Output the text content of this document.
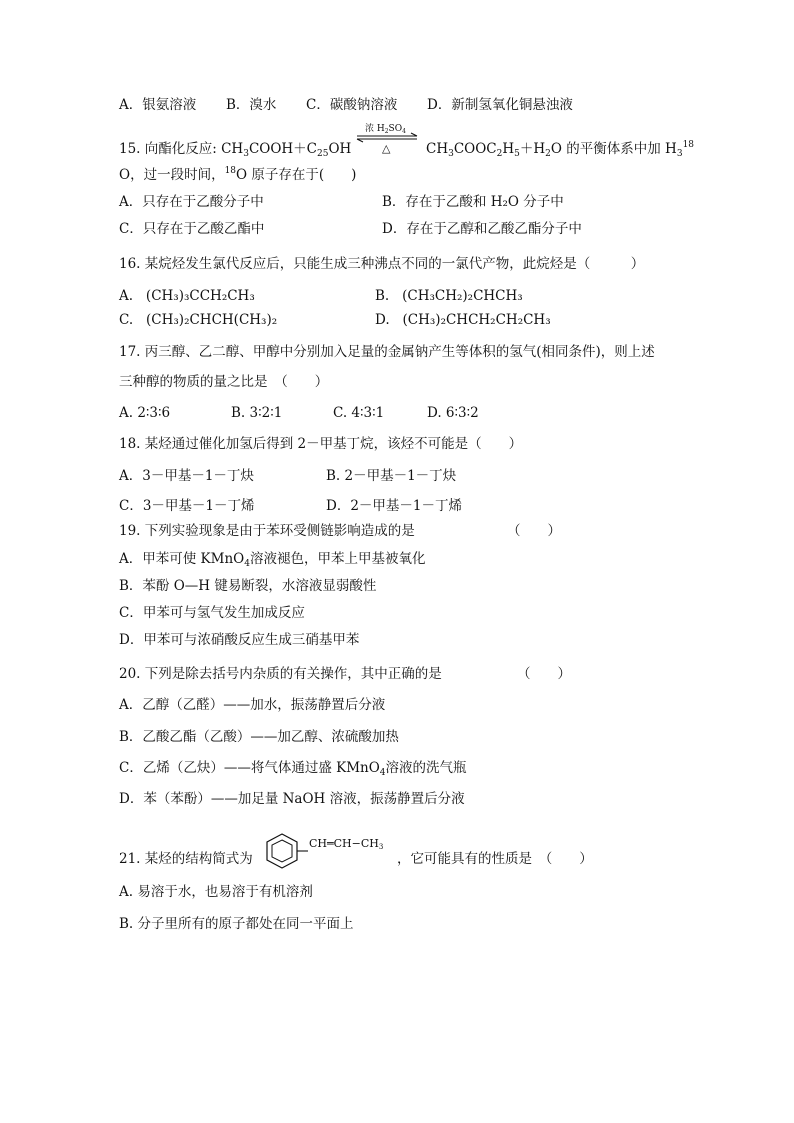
A．银氨溶液 B．溴水 C．碳酸钠溶液 D．新制氢氧化铜悬浊液
15. 向酯化反应: $CH_3COOH+C_{25}OH$
浓 $H_2SO_4$
△	$CH_3COOC_2H_5+H_2O$ 的平衡体系中加 $H_3^{18}$
O，过一段时间，$^{18}$O 原子存在于(　　)
A．只存在于乙酸分子中	B．存在于乙酸和 H₂O 分子中
C．只存在于乙酸乙酯中	D．存在于乙醇和乙酸乙酯分子中
16. 某烷烃发生氯代反应后，只能生成三种沸点不同的一氯代产物，此烷烃是（　　　）
A. (CH₃)₃CCH₂CH₃	B. (CH₃CH₂)₂CHCH₃
C. (CH₃)₂CHCH(CH₃)₂	D. (CH₃)₂CHCH₂CH₂CH₃
17. 丙三醇、乙二醇、甲醇中分别加入足量的金属钠产生等体积的氢气(相同条件)，则上述
三种醇的物质的量之比是　（　　）
A. 2∶3∶6	B. 3∶2∶1	C. 4∶3∶1	D. 6∶3∶2
18. 某烃通过催化加氢后得到 2－甲基丁烷，该烃不可能是（　　）
A．3－甲基－1－丁炔	B. 2－甲基－1－丁炔
C．3－甲基－1－丁烯	D．2－甲基－1－丁烯
19. 下列实验现象是由于苯环受侧链影响造成的是	（　　）
A．甲苯可使 KMnO$_4$溶液褪色，甲苯上甲基被氧化
B．苯酚 O—H 键易断裂，水溶液显弱酸性
C．甲苯可与氢气发生加成反应
D．甲苯可与浓硝酸反应生成三硝基甲苯
20. 下列是除去括号内杂质的有关操作，其中正确的是	（　　）
A．乙醇（乙醛）——加水，振荡静置后分液
B．乙酸乙酯（乙酸）——加乙醇、浓硫酸加热
C．乙烯（乙炔）——将气体通过盛 KMnO$_4$溶液的洗气瓶
D．苯（苯酚）——加足量 NaOH 溶液，振荡静置后分液
21. 某烃的结构简式为
CH═CH−CH3
，它可能具有的性质是　（　　）
A. 易溶于水，也易溶于有机溶剂
B. 分子里所有的原子都处在同一平面上
